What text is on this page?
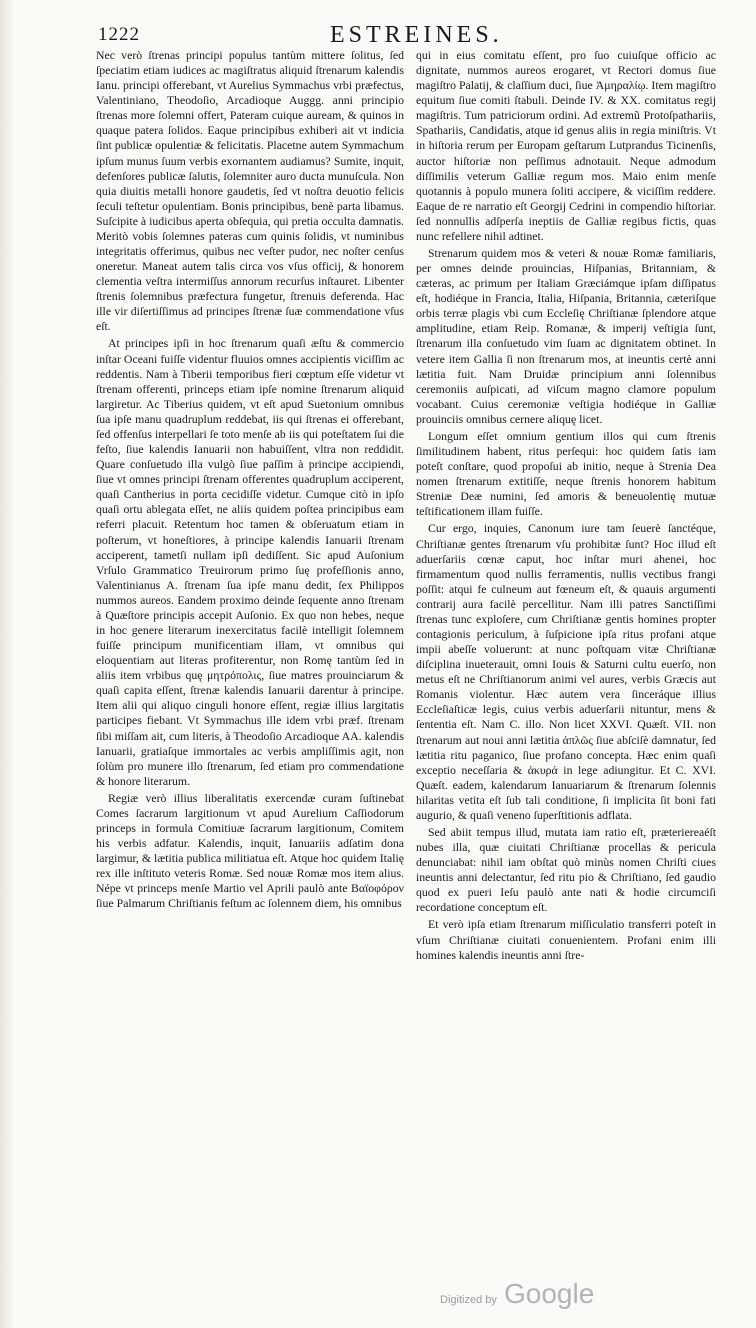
1222	ESTREINES.

Nec verò ſtrenas principi populus tantùm mittere ſolitus, ſed ſpeciatim etiam iudices ac magiſtratus aliquid ſtrenarum kalendis Ianu. principi offerebant, vt Aurelius Symmachus vrbi præfectus, Valentiniano, Theodoſio, Arcadioque Auggg. anni principio ſtrenas more ſolemni offert, Pateram cuique auream, & quinos in quaque patera ſolidos. Eaque principibus exhiberi ait vt indicia ſint publicæ opulentiæ & felicitatis. Placetne autem Symmachum ipſum munus ſuum verbis exornantem audiamus? Sumite, inquit, defenſores publicæ ſalutis, ſolemniter auro ducta munuſcula. Non quia diuitis metalli honore gaudetis, ſed vt noſtra deuotio felicis ſeculi teſtetur opulentiam. Bonis principibus, benè parta libamus. Suſcipite à iudicibus aperta obſequia, qui pretia occulta damnatis. Meritò vobis ſolemnes pateras cum quinis ſolidis, vt numinibus integritatis offerimus, quibus nec veſter pudor, nec noſter cenſus oneretur. Maneat autem talis circa vos vſus officij, & honorem clementia veſtra intermiſſus annorum recurſus inſtauret. Libenter ſtrenis ſolemnibus præfectura fungetur, ſtrenuis deferenda. Hac ille vir diſertiſſimus ad principes ſtrenæ ſuæ commendatione vſus eſt.

At principes ipſi in hoc ſtrenarum quaſi æſtu & commercio inſtar Oceani fuiſſe videntur fluuios omnes accipientis viciſſim ac reddentis. Nam à Tiberii temporibus fieri cœptum eſſe videtur vt ſtrenam offerenti, princeps etiam ipſe nomine ſtrenarum aliquid largiretur. Ac Tiberius quidem, vt eſt apud Suetonium omnibus ſua ipſe manu quadruplum reddebat, iis qui ſtrenas ei offerebant, ſed offenſus interpellari ſe toto menſe ab iis qui poteſtatem ſui die feſto, ſiue kalendis Ianuarii non habuiſſent, vltra non reddidit. Quare conſuetudo illa vulgò ſiue paſſim à principe accipiendi, ſiue vt omnes principi ſtrenam offerentes quadruplum acciperent, quaſi Cantherius in porta cecidiſſe videtur. Cumque citò in ipſo quaſi ortu ablegata eſſet, ne aliis quidem poſtea principibus eam referri placuit. Retentum hoc tamen & obſeruatum etiam in poſterum, vt honeſtiores, à principe kalendis Ianuarii ſtrenam acciperent, tametſi nullam ipſi dediſſent. Sic apud Auſonium Vrſulo Grammatico Treuirorum primo ſuę profeſſionis anno, Valentinianus A. ſtrenam ſua ipſe manu dedit, ſex Philippos nummos aureos. Eandem proximo deinde ſequente anno ſtrenam à Quæſtore principis accepit Auſonio. Ex quo non hebes, neque in hoc genere literarum inexercitatus facilè intelligit ſolemnem fuiſſe principum munificentiam illam, vt omnibus qui eloquentiam aut literas profiterentur, non Romę tantùm ſed in aliis item vrbibus quę μητρόπολις, ſiue matres prouinciarum & quaſi capita eſſent, ſtrenæ kalendis Ianuarii darentur à principe. Item alii qui aliquo cinguli honore eſſent, regiæ illius largitatis participes fiebant. Vt Symmachus ille idem vrbi præf. ſtrenam ſibi miſſam ait, cum literis, à Theodoſio Arcadioque AA. kalendis Ianuarii, gratiaſque immortales ac verbis ampliſſimis agit, non ſolùm pro munere illo ſtrenarum, ſed etiam pro commendatione & honore literarum.

Regiæ verò illius liberalitatis exercendæ curam ſuſtinebat Comes ſacrarum largitionum vt apud Aurelium Caſſiodorum princeps in formula Comitiuæ ſacrarum largitionum, Comitem his verbis adfatur. Kalendis, inquit, Ianuariis adſatim dona largimur, & lætitia publica militiatua eſt. Atque hoc quidem Italię rex ille inſtituto veteris Romæ. Sed nouæ Romæ mos item alius. Népe vt princeps menſe Martio vel Aprili paulò ante Βαϊοφόρον ſiue Palmarum Chriſtianis feſtum ac ſolennem diem, his omnibus

qui in eius comitatu eſſent, pro ſuo cuiuſque officio ac dignitate, nummos aureos erogaret, vt Rectori domus ſiue magiſtro Palatij, & claſſium duci, ſiue Ἀμηραλίῳ. Item magiſtro equitum ſiue comiti ſtabuli. Deinde IV. & XX. comitatus regij magiſtris. Tum patriciorum ordini. Ad extremũ Protoſpathariis, Spathariis, Candidatis, atque id genus aliis in regia miniſtris. Vt in hiſtoria rerum per Europam geſtarum Lutprandus Ticinenſis, auctor hiſtoriæ non peſſimus adnotauit. Neque admodum diſſimilis veterum Galliæ regum mos. Maio enim menſe quotannis à populo munera ſoliti accipere, & viciſſim reddere. Eaque de re narratio eſt Georgij Cedrini in compendio hiſtoriar. ſed nonnullis adſperſa ineptiis de Galliæ regibus fictis, quas nunc refellere nihil adtinet.

Strenarum quidem mos & veteri & nouæ Romæ familiaris, per omnes deinde prouincias, Hiſpanias, Britanniam, & cæteras, ac primum per Italiam Græciámque ipſam diſſipatus eſt, hodiéque in Francia, Italia, Hiſpania, Britannia, cæteriſque orbis terræ plagis vbi cum Eccleſię Chriſtianæ ſplendore atque amplitudine, etiam Reip. Romanæ, & imperij veſtigia ſunt, ſtrenarum illa conſuetudo vim ſuam ac dignitatem obtinet. In vetere item Gallia ſi non ſtrenarum mos, at ineuntis certè anni lætitia fuit. Nam Druidæ principium anni ſolennibus ceremoniis auſpicati, ad viſcum magno clamore populum vocabant. Cuius ceremoniæ veſtigia hodiéque in Galliæ prouinciis omnibus cernere aliquę licet.

Longum eſſet omnium gentium illos qui cum ſtrenis ſimilitudinem habent, ritus perſequi: hoc quidem ſatis iam poteſt conſtare, quod propoſui ab initio, neque à Strenia Dea nomen ſtrenarum extitiſſe, neque ſtrenis honorem habitum Streniæ Deæ numini, ſed amoris & beneuolentię mutuæ teſtificationem illam fuiſſe.

Cur ergo, inquies, Canonum iure tam ſeuerè ſanctéque, Chriſtianæ gentes ſtrenarum vſu prohibitæ ſunt? Hoc illud eſt aduerſariis cœnæ caput, hoc inſtar muri ahenei, hoc firmamentum quod nullis ferramentis, nullis vectibus frangi poſſit: atqui fe culneum aut fœneum eſt, & quauis argumenti contrarij aura facilè percellitur. Nam illi patres Sanctiſſimi ſtrenas tunc exploſere, cum Chriſtianæ gentis homines propter contagionis periculum, à ſuſpicione ipſa ritus profani atque impii abeſſe voluerunt: at nunc poſtquam vitæ Chriſtianæ diſciplina inueterauit, omni Iouis & Saturni cultu euerſo, non metus eſt ne Chriſtianorum animi vel aures, verbis Græcis aut Romanis violentur. Hæc autem vera ſinceráque illius Eccleſiaſticæ legis, cuius verbis aduerſarii nituntur, mens & ſententia eſt. Nam C. illo. Non licet XXVI. Quæſt. VII. non ſtrenarum aut noui anni lætitia ἀπλῶς ſiue abſciſè damnatur, ſed lætitia ritu paganico, ſiue profano concepta. Hæc enim quaſi exceptio neceſſaria & ἀκυρά in lege adiungitur. Et C. XVI. Quæſt. eadem, kalendarum Ianuariarum & ſtrenarum ſolennis hilaritas vetita eſt ſub tali conditione, ſi implicita ſit boni fati augurio, & quaſi veneno ſuperſtitionis adflata.

Sed abiit tempus illud, mutata iam ratio eſt, præteriereaéſt nubes illa, quæ ciuitati Chriſtianæ procellas & pericula denunciabat: nihil iam obſtat quò minùs nomen Chriſti ciues ineuntis anni delectantur, ſed ritu pio & Chriſtiano, ſed gaudio quod ex pueri Ieſu paulò ante nati & hodie circumciſi recordatione conceptum eſt.

Et verò ipſa etiam ſtrenarum miſſiculatio transferri poteſt in vſum Chriſtianæ ciuitati conuenientem. Profani enim illi homines kalendis ineuntis anni ſtre-

Digitized by Google
